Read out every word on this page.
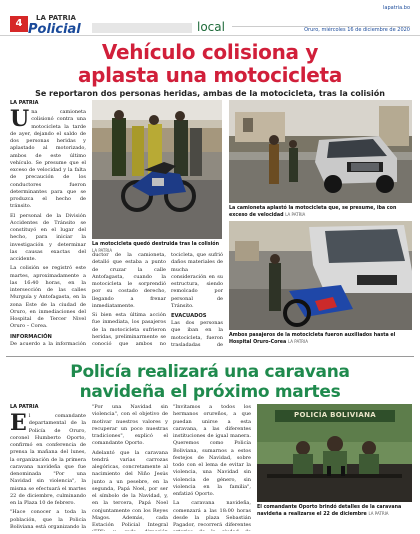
4	LA PATRIA
Policial	local
lapatria.bo
Oruro, miércoles 16 de diciembre de 2020
Vehículo colisiona y
aplasta una motocicleta
Se reportaron dos personas heridas, ambas de la motocicleta, tras la colisión
LA PATRIA

Una camioneta colisionó contra una motocicleta la tarde de ayer, dejando el saldo de dos personas heridas y aplastado al motorizado, ambos de este último vehículo. Se presume que el exceso de velocidad y la falta de precaución de los conductores fueron determinantes para que se produzca el hecho de tránsito.

El personal de la División Accidentes de Tránsito se constituyó en el lugar del hecho, para iniciar la investigación y determinar las causas exactas del accidente.

La colisión se registró este martes, aproximadamente a las 16:40 horas, en la intersección de las calles Murguía y Antofagasta, en la zona Este de la ciudad de Oruro, en inmediaciones del Hospital de Tercer Nivel Oruro – Corea.

INFORMACIÓN

De acuerdo a la información

La motocicleta quedó destruida tras la colisión LA PATRIA

ductor de la camioneta, detalló que estaba a punto de cruzar la calle Antofagasta, cuando la motocicleta le sorprendió por su costado derecho, llegando a frenar inmediatamente.

Si bien esta última acción fue inmediata, los pasajeros de la motocicleta sufrieron heridas, preliminarmente se conoció que ambos no

tocicleta, que sufrió daños materiales de mucha consideración en su estructura, siendo remolcado por personal de Tránsito.

EVACUADOS

Las dos personas que iban en la motocicleta, fueron trasladadas de

La camioneta aplastó la motocicleta que, se presume, iba con exceso de velocidad LA PATRIA
Ambos pasajeros de la motocicleta fueron auxiliados hasta el Hospital Oruro-Corea LA PATRIA
Policía realizará una caravana
navideña el próximo martes
LA PATRIA

El comandante departamental de la Policía de Oruro, coronel Humberto Oporto, confirmó en conferencia de prensa la mañana del lunes, la organización de la primera caravana navideña que fue denominada "Por una Navidad sin violencia", la misma se efectuará el martes 22 de diciembre, culminando en la Plaza 10 de febrero.

"Hace conocer a toda la población, que la Policía Boliviana está organizando la

"Por una Navidad sin violencia", con el objetivo de motivar nuestros valores y recuperar un poco nuestras tradiciones", explicó el comandante Oporto.

Adelantó que la caravana tendrá varias carrozas alegóricas, concretamente al nacimiento del Niño Jesús junto a un pesebre, en la segunda, Papá Noel, por ser el símbolo de la Navidad, y, en la tercera, Papá Noel conjuntamente con los Reyes Magos. Además, cada Estación Policial Integral

"Invitamos a todos los hermanos orureños, a que puedan unirse a esta caravana, a las diferentes instituciones de igual manera. Queremos como Policía Boliviana, sumarnos a estos festejos de Navidad, sobre todo con el lema de evitar la violencia, una Navidad sin violencia de género, sin violencia en la familia", enfatizó Oporto.

La caravana navideña, comenzará a las 18:00 horas desde la plaza Sebastián Pagador, recorrerá diferentes

POLICÍA BOLIVIANA
El comandante Oporto brindó detalles de la caravana navideña a realizarse el 22 de diciembre LA PATRIA
